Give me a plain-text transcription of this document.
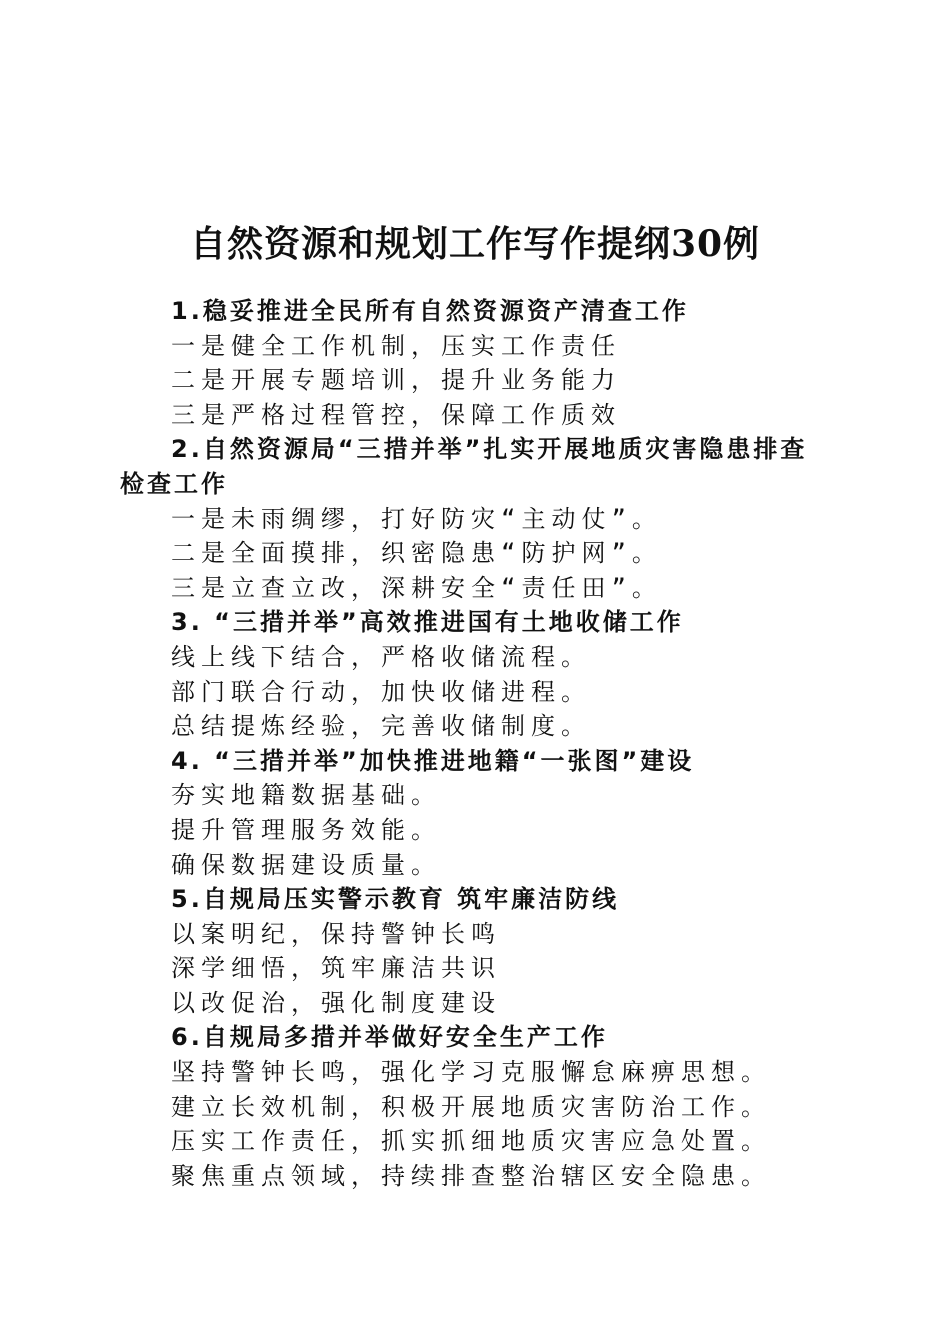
自然资源和规划工作写作提纲30例

1.稳妥推进全民所有自然资源资产清查工作

一是健全工作机制，压实工作责任

二是开展专题培训，提升业务能力

三是严格过程管控，保障工作质效

2.自然资源局“三措并举”扎实开展地质灾害隐患排查检查工作

一是未雨绸缪，打好防灾“主动仗”。

二是全面摸排，织密隐患“防护网”。

三是立查立改，深耕安全“责任田”。

3. “三措并举”高效推进国有土地收储工作

线上线下结合，严格收储流程。

部门联合行动，加快收储进程。

总结提炼经验，完善收储制度。

4. “三措并举”加快推进地籍“一张图”建设

夯实地籍数据基础。

提升管理服务效能。

确保数据建设质量。

5.自规局压实警示教育 筑牢廉洁防线

以案明纪，保持警钟长鸣

深学细悟，筑牢廉洁共识

以改促治，强化制度建设

6.自规局多措并举做好安全生产工作

坚持警钟长鸣，强化学习克服懈怠麻痹思想。

建立长效机制，积极开展地质灾害防治工作。

压实工作责任，抓实抓细地质灾害应急处置。

聚焦重点领域，持续排查整治辖区安全隐患。
